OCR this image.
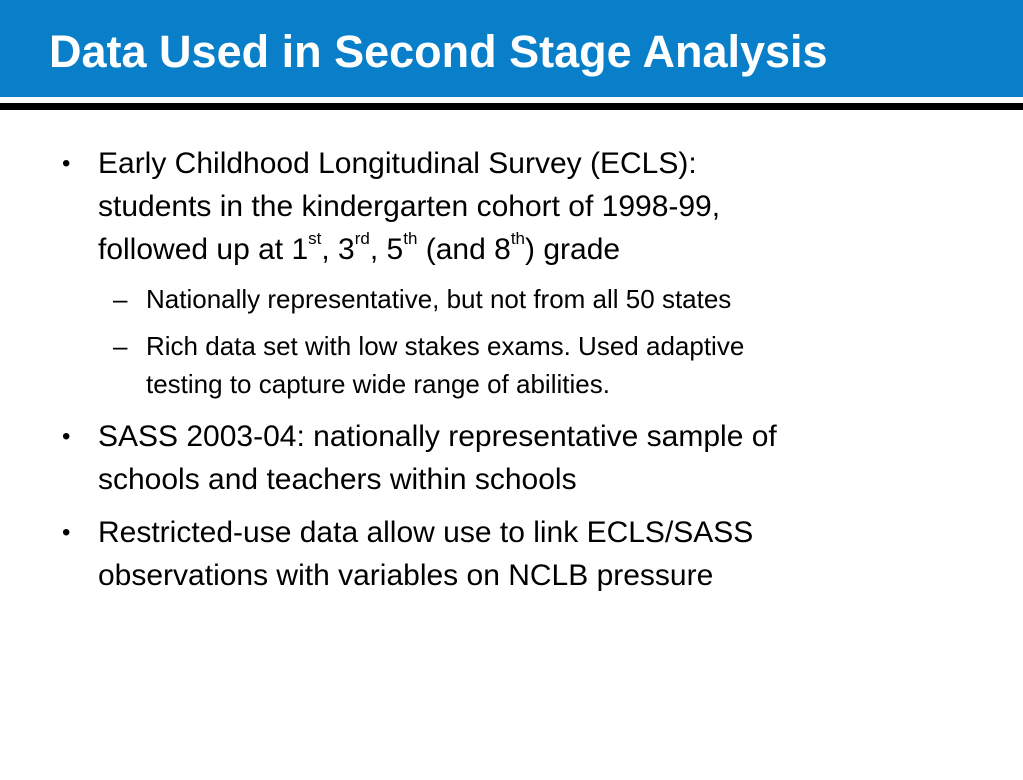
Data Used in Second Stage Analysis
• Early Childhood Longitudinal Survey (ECLS):
students in the kindergarten cohort of 1998-99,
followed up at 1st, 3rd, 5th (and 8th) grade
– Nationally representative, but not from all 50 states
– Rich data set with low stakes exams. Used adaptive
testing to capture wide range of abilities.
• SASS 2003-04: nationally representative sample of
schools and teachers within schools
• Restricted-use data allow use to link ECLS/SASS
observations with variables on NCLB pressure
